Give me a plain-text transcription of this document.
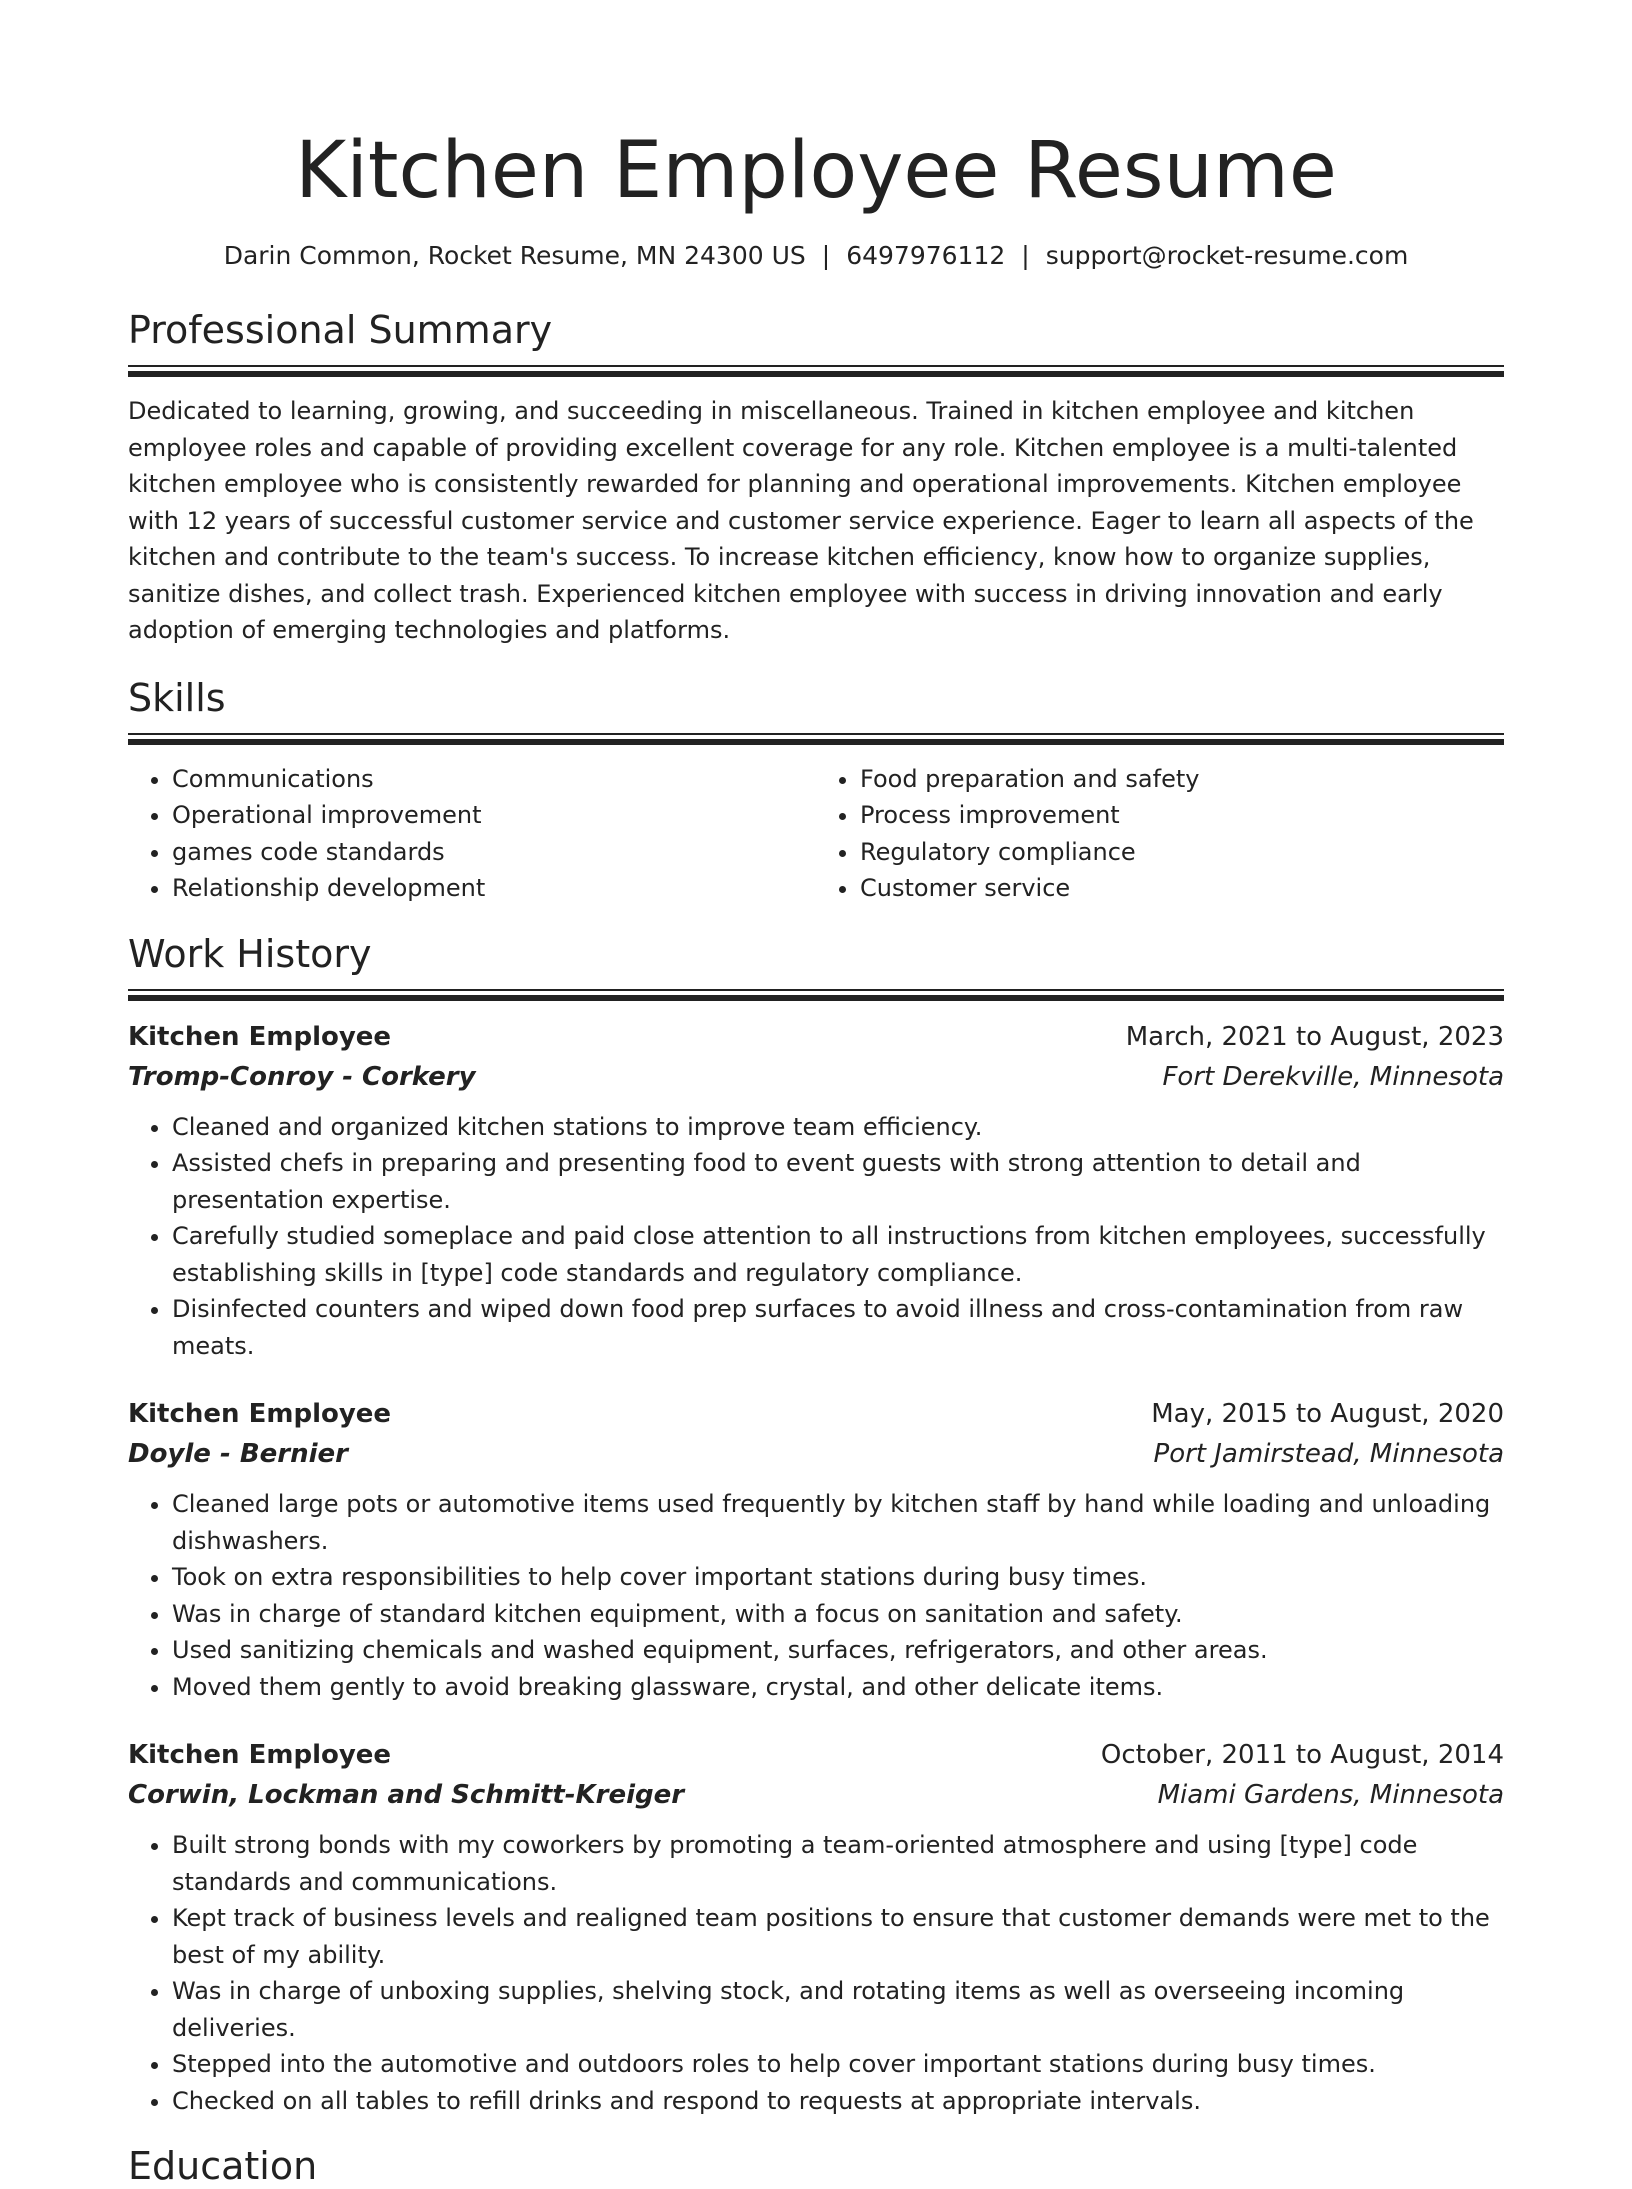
Kitchen Employee Resume
Darin Common, Rocket Resume, MN 24300 US | 6497976112 | support@rocket-resume.com
Professional Summary

Dedicated to learning, growing, and succeeding in miscellaneous. Trained in kitchen employee and kitchen employee roles and capable of providing excellent coverage for any role. Kitchen employee is a multi-talented kitchen employee who is consistently rewarded for planning and operational improvements. Kitchen employee with 12 years of successful customer service and customer service experience. Eager to learn all aspects of the kitchen and contribute to the team's success. To increase kitchen efficiency, know how to organize supplies, sanitize dishes, and collect trash. Experienced kitchen employee with success in driving innovation and early adoption of emerging technologies and platforms.

Skills
• Communications
• Operational improvement
• games code standards
• Relationship development
• Food preparation and safety
• Process improvement
• Regulatory compliance
• Customer service
Work History
Kitchen Employee	March, 2021 to August, 2023
Tromp-Conroy - Corkery	Fort Derekville, Minnesota
• Cleaned and organized kitchen stations to improve team efficiency.
• Assisted chefs in preparing and presenting food to event guests with strong attention to detail and presentation expertise.
• Carefully studied someplace and paid close attention to all instructions from kitchen employees, successfully establishing skills in [type] code standards and regulatory compliance.
• Disinfected counters and wiped down food prep surfaces to avoid illness and cross-contamination from raw meats.
Kitchen Employee	May, 2015 to August, 2020
Doyle - Bernier	Port Jamirstead, Minnesota
• Cleaned large pots or automotive items used frequently by kitchen staff by hand while loading and unloading dishwashers.
• Took on extra responsibilities to help cover important stations during busy times.
• Was in charge of standard kitchen equipment, with a focus on sanitation and safety.
• Used sanitizing chemicals and washed equipment, surfaces, refrigerators, and other areas.
• Moved them gently to avoid breaking glassware, crystal, and other delicate items.
Kitchen Employee	October, 2011 to August, 2014
Corwin, Lockman and Schmitt-Kreiger	Miami Gardens, Minnesota
• Built strong bonds with my coworkers by promoting a team-oriented atmosphere and using [type] code standards and communications.
• Kept track of business levels and realigned team positions to ensure that customer demands were met to the best of my ability.
• Was in charge of unboxing supplies, shelving stock, and rotating items as well as overseeing incoming deliveries.
• Stepped into the automotive and outdoors roles to help cover important stations during busy times.
• Checked on all tables to refill drinks and respond to requests at appropriate intervals.
Education
